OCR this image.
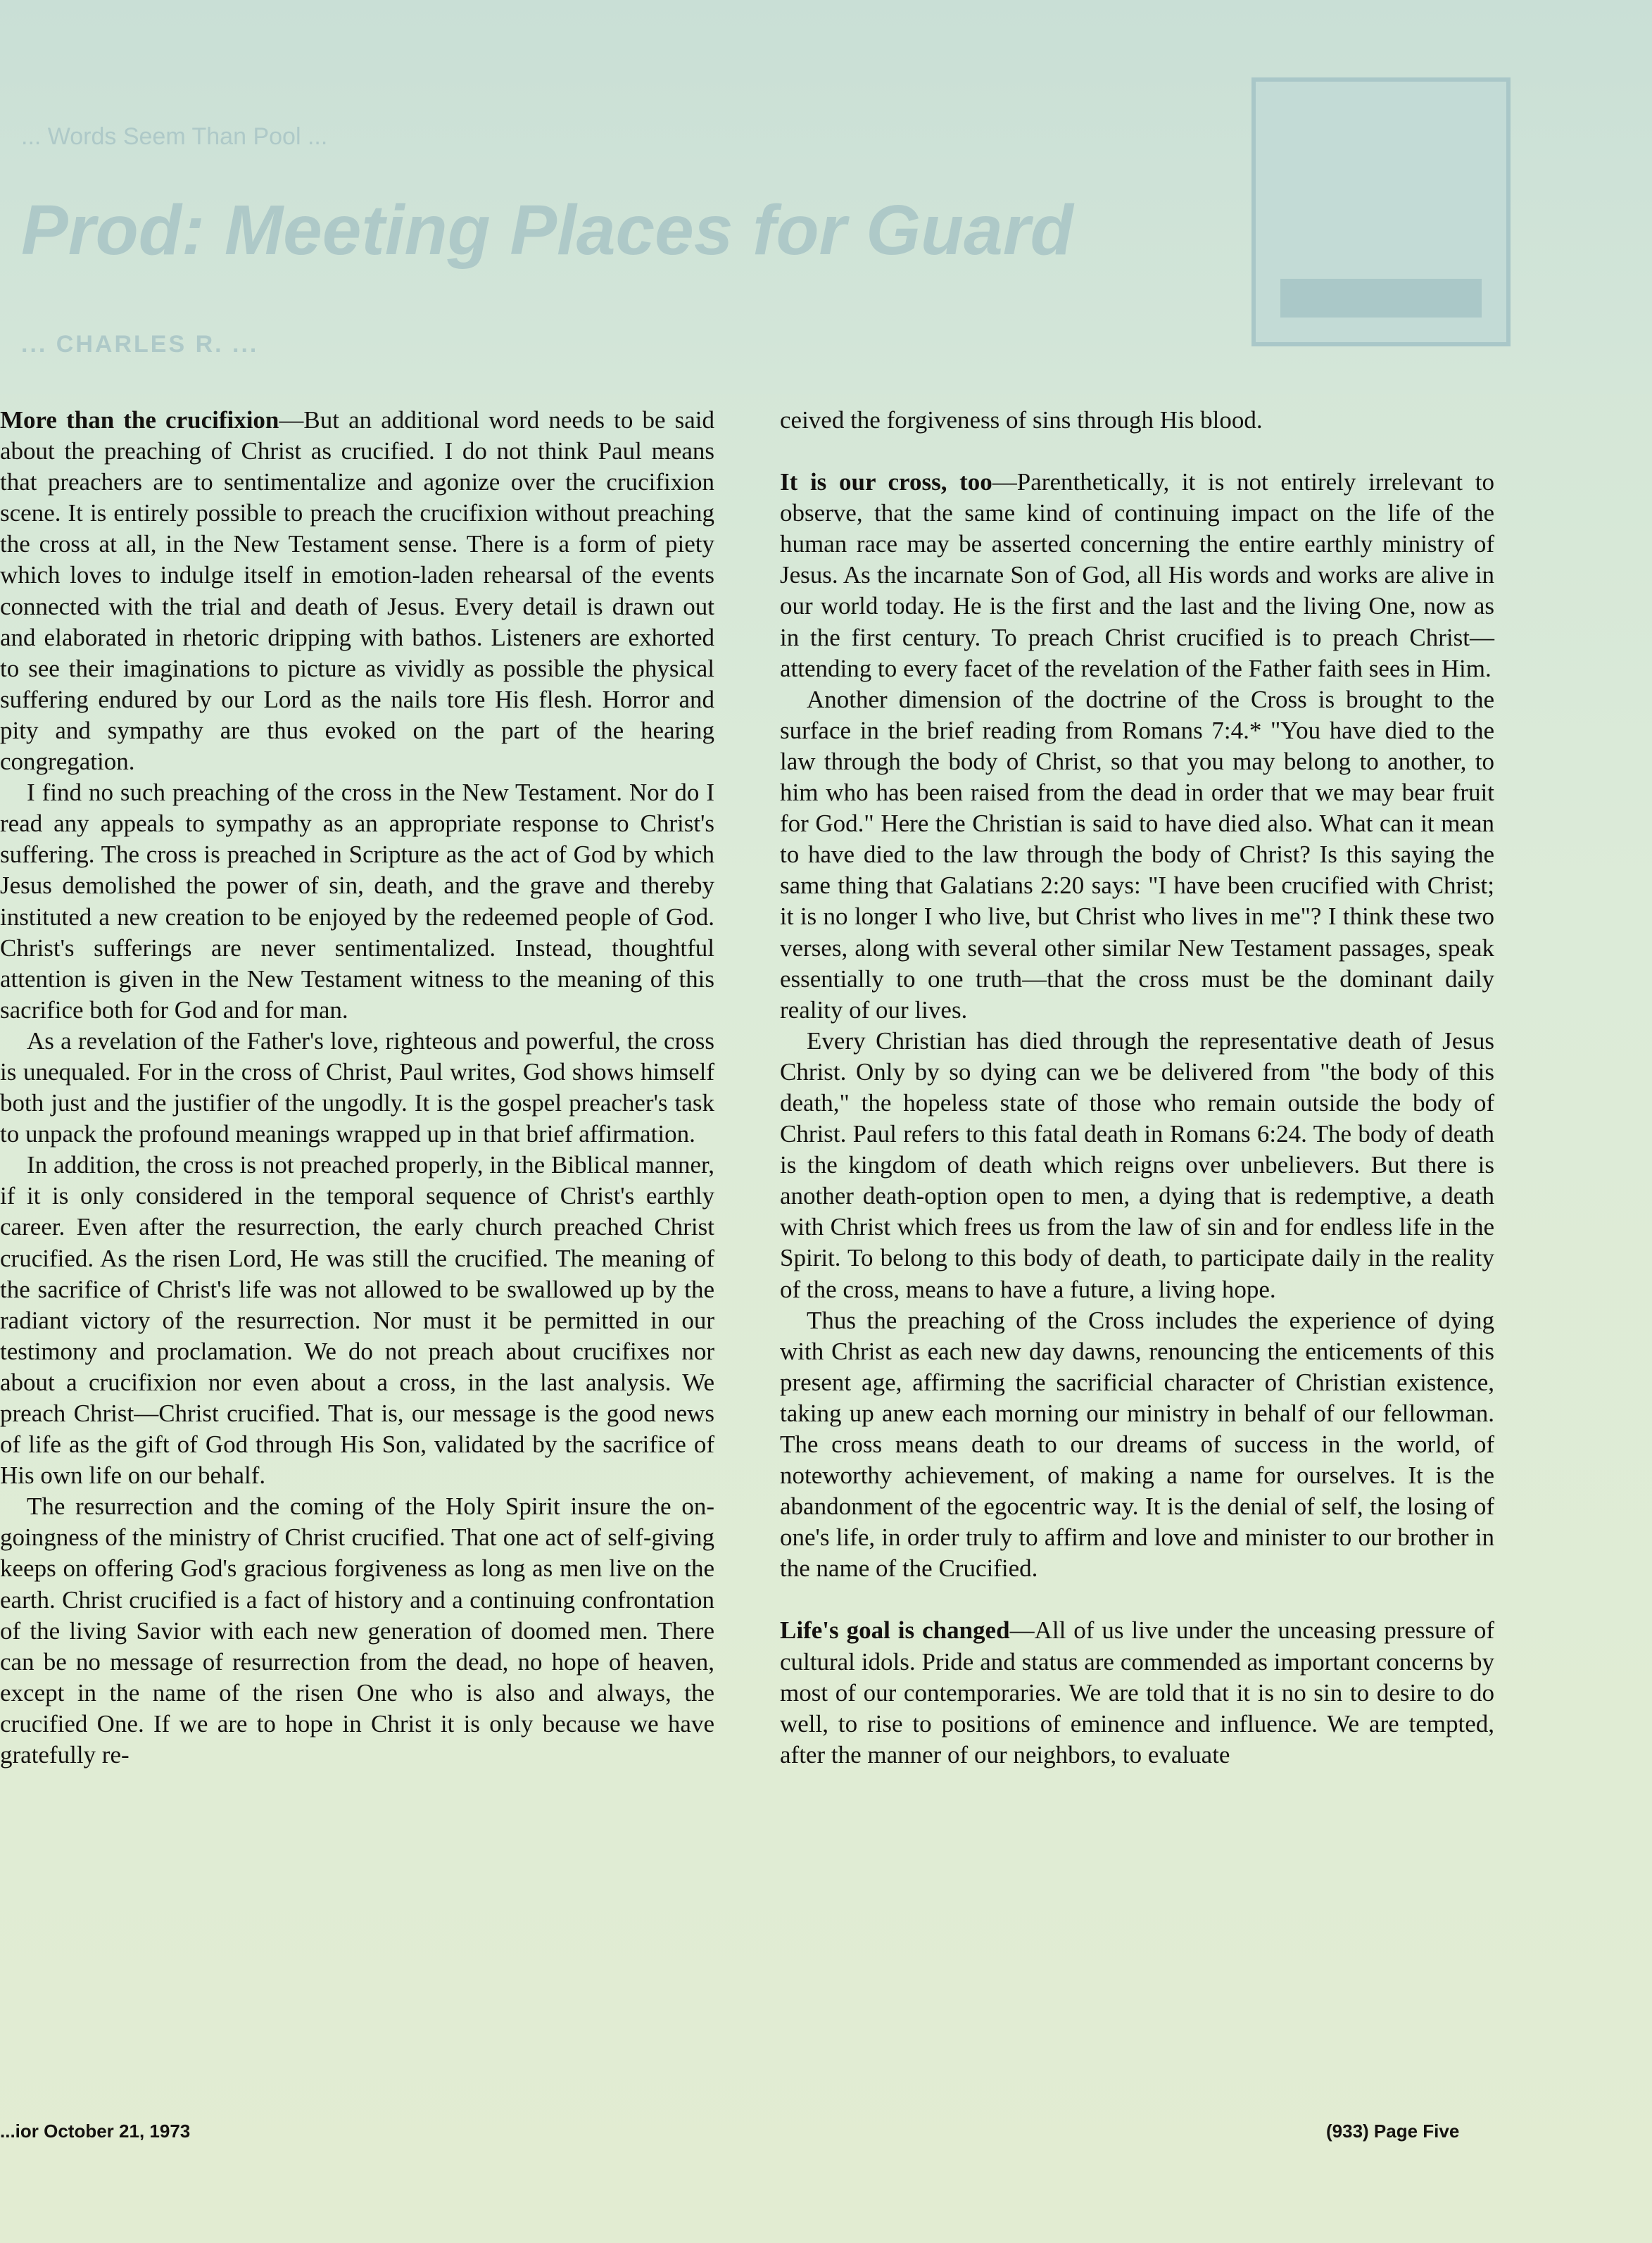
... Words Seem Than Pool ...
Prod: Meeting Places for Guard
... CHARLES R. ...

More than the crucifixion—But an additional word needs to be said about the preaching of Christ as crucified. I do not think Paul means that preachers are to sentimentalize and agonize over the crucifixion scene. It is entirely possible to preach the crucifixion without preaching the cross at all, in the New Testament sense. There is a form of piety which loves to indulge itself in emotion-laden rehearsal of the events connected with the trial and death of Jesus. Every detail is drawn out and elaborated in rhetoric dripping with bathos. Listeners are exhorted to see their imaginations to picture as vividly as possible the physical suffering endured by our Lord as the nails tore His flesh. Horror and pity and sympathy are thus evoked on the part of the hearing congregation.

I find no such preaching of the cross in the New Testament. Nor do I read any appeals to sympathy as an appropriate response to Christ's suffering. The cross is preached in Scripture as the act of God by which Jesus demolished the power of sin, death, and the grave and thereby instituted a new creation to be enjoyed by the redeemed people of God. Christ's sufferings are never sentimentalized. Instead, thoughtful attention is given in the New Testament witness to the meaning of this sacrifice both for God and for man.

As a revelation of the Father's love, righteous and powerful, the cross is unequaled. For in the cross of Christ, Paul writes, God shows himself both just and the justifier of the ungodly. It is the gospel preacher's task to unpack the profound meanings wrapped up in that brief affirmation.

In addition, the cross is not preached properly, in the Biblical manner, if it is only considered in the temporal sequence of Christ's earthly career. Even after the resurrection, the early church preached Christ crucified. As the risen Lord, He was still the crucified. The meaning of the sacrifice of Christ's life was not allowed to be swallowed up by the radiant victory of the resurrection. Nor must it be permitted in our testimony and proclamation. We do not preach about crucifixes nor about a crucifixion nor even about a cross, in the last analysis. We preach Christ—Christ crucified. That is, our message is the good news of life as the gift of God through His Son, validated by the sacrifice of His own life on our behalf.

The resurrection and the coming of the Holy Spirit insure the on-goingness of the ministry of Christ crucified. That one act of self-giving keeps on offering God's gracious forgiveness as long as men live on the earth. Christ crucified is a fact of history and a continuing confrontation of the living Savior with each new generation of doomed men. There can be no message of resurrection from the dead, no hope of heaven, except in the name of the risen One who is also and always, the crucified One. If we are to hope in Christ it is only because we have gratefully re-

ceived the forgiveness of sins through His blood.

It is our cross, too—Parenthetically, it is not entirely irrelevant to observe, that the same kind of continuing impact on the life of the human race may be asserted concerning the entire earthly ministry of Jesus. As the incarnate Son of God, all His words and works are alive in our world today. He is the first and the last and the living One, now as in the first century. To preach Christ crucified is to preach Christ—attending to every facet of the revelation of the Father faith sees in Him.

Another dimension of the doctrine of the Cross is brought to the surface in the brief reading from Romans 7:4.* "You have died to the law through the body of Christ, so that you may belong to another, to him who has been raised from the dead in order that we may bear fruit for God." Here the Christian is said to have died also. What can it mean to have died to the law through the body of Christ? Is this saying the same thing that Galatians 2:20 says: "I have been crucified with Christ; it is no longer I who live, but Christ who lives in me"? I think these two verses, along with several other similar New Testament passages, speak essentially to one truth—that the cross must be the dominant daily reality of our lives.

Every Christian has died through the representative death of Jesus Christ. Only by so dying can we be delivered from "the body of this death," the hopeless state of those who remain outside the body of Christ. Paul refers to this fatal death in Romans 6:24. The body of death is the kingdom of death which reigns over unbelievers. But there is another death-option open to men, a dying that is redemptive, a death with Christ which frees us from the law of sin and for endless life in the Spirit. To belong to this body of death, to participate daily in the reality of the cross, means to have a future, a living hope.

Thus the preaching of the Cross includes the experience of dying with Christ as each new day dawns, renouncing the enticements of this present age, affirming the sacrificial character of Christian existence, taking up anew each morning our ministry in behalf of our fellowman. The cross means death to our dreams of success in the world, of noteworthy achievement, of making a name for ourselves. It is the abandonment of the egocentric way. It is the denial of self, the losing of one's life, in order truly to affirm and love and minister to our brother in the name of the Crucified.

Life's goal is changed—All of us live under the unceasing pressure of cultural idols. Pride and status are commended as important concerns by most of our contemporaries. We are told that it is no sin to desire to do well, to rise to positions of eminence and influence. We are tempted, after the manner of our neighbors, to evaluate

...ior October 21, 1973	(933) Page Five
